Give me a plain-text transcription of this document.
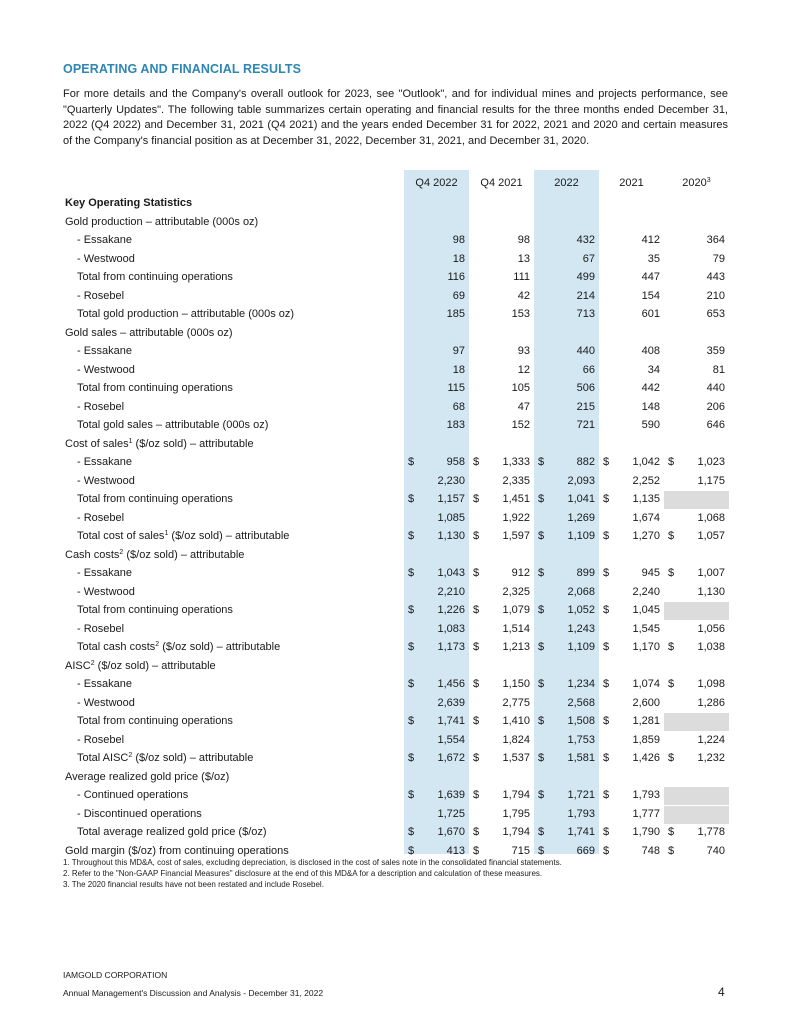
OPERATING AND FINANCIAL RESULTS
For more details and the Company's overall outlook for 2023, see "Outlook", and for individual mines and projects performance, see "Quarterly Updates". The following table summarizes certain operating and financial results for the three months ended December 31, 2022 (Q4 2022) and December 31, 2021 (Q4 2021) and the years ended December 31 for 2022, 2021 and 2020 and certain measures of the Company's financial position as at December 31, 2022, December 31, 2021, and December 31, 2020.
Q4 2022	Q4 2021	2022	2021	2020$^3$
Key Operating Statistics
Gold production – attributable (000s oz)
- Essakane	98	98	432	412	364
- Westwood	18	13	67	35	79
Total from continuing operations	116	111	499	447	443
- Rosebel	69	42	214	154	210
Total gold production – attributable (000s oz)	185	153	713	601	653
Gold sales – attributable (000s oz)
- Essakane	97	93	440	408	359
- Westwood	18	12	66	34	81
Total from continuing operations	115	105	506	442	440
- Rosebel	68	47	215	148	206
Total gold sales – attributable (000s oz)	183	152	721	590	646
Cost of sales$^1$ ($/oz sold) – attributable
- Essakane	$	958 $ 1,333 $	882 $ 1,042 $ 1,023
- Westwood	2,230	2,335	2,093	2,252	1,175
Total from continuing operations	$ 1,157 $ 1,451 $ 1,041 $ 1,135
- Rosebel	1,085	1,922	1,269	1,674	1,068
Total cost of sales$^1$ ($/oz sold) – attributable	$ 1,130 $ 1,597 $ 1,109 $ 1,270 $ 1,057
Cash costs$^2$ ($/oz sold) – attributable
- Essakane	$ 1,043 $	912 $	899 $	945 $ 1,007
- Westwood	2,210	2,325	2,068	2,240	1,130
Total from continuing operations	$ 1,226 $ 1,079 $ 1,052 $ 1,045
- Rosebel	1,083	1,514	1,243	1,545	1,056
Total cash costs$^2$ ($/oz sold) – attributable	$ 1,173 $ 1,213 $ 1,109 $ 1,170 $ 1,038
AISC$^2$ ($/oz sold) – attributable
- Essakane	$ 1,456 $ 1,150 $ 1,234 $ 1,074 $ 1,098
- Westwood	2,639	2,775	2,568	2,600	1,286
Total from continuing operations	$ 1,741 $ 1,410 $ 1,508 $ 1,281
- Rosebel	1,554	1,824	1,753	1,859	1,224
Total AISC$^2$ ($/oz sold) – attributable	$ 1,672 $ 1,537 $ 1,581 $ 1,426 $ 1,232
Average realized gold price ($/oz)
- Continued operations	$ 1,639 $ 1,794 $ 1,721 $ 1,793
- Discontinued operations	1,725	1,795	1,793	1,777
Total average realized gold price ($/oz)	$ 1,670 $ 1,794 $ 1,741 $ 1,790 $ 1,778
Gold margin ($/oz) from continuing operations	$	413 $	715 $	669 $	748 $	740
1. Throughout this MD&A, cost of sales, excluding depreciation, is disclosed in the cost of sales note in the consolidated financial statements.
2. Refer to the "Non-GAAP Financial Measures" disclosure at the end of this MD&A for a description and calculation of these measures.
3. The 2020 financial results have not been restated and include Rosebel.
IAMGOLD CORPORATION
Annual Management's Discussion and Analysis - December 31, 2022	4
